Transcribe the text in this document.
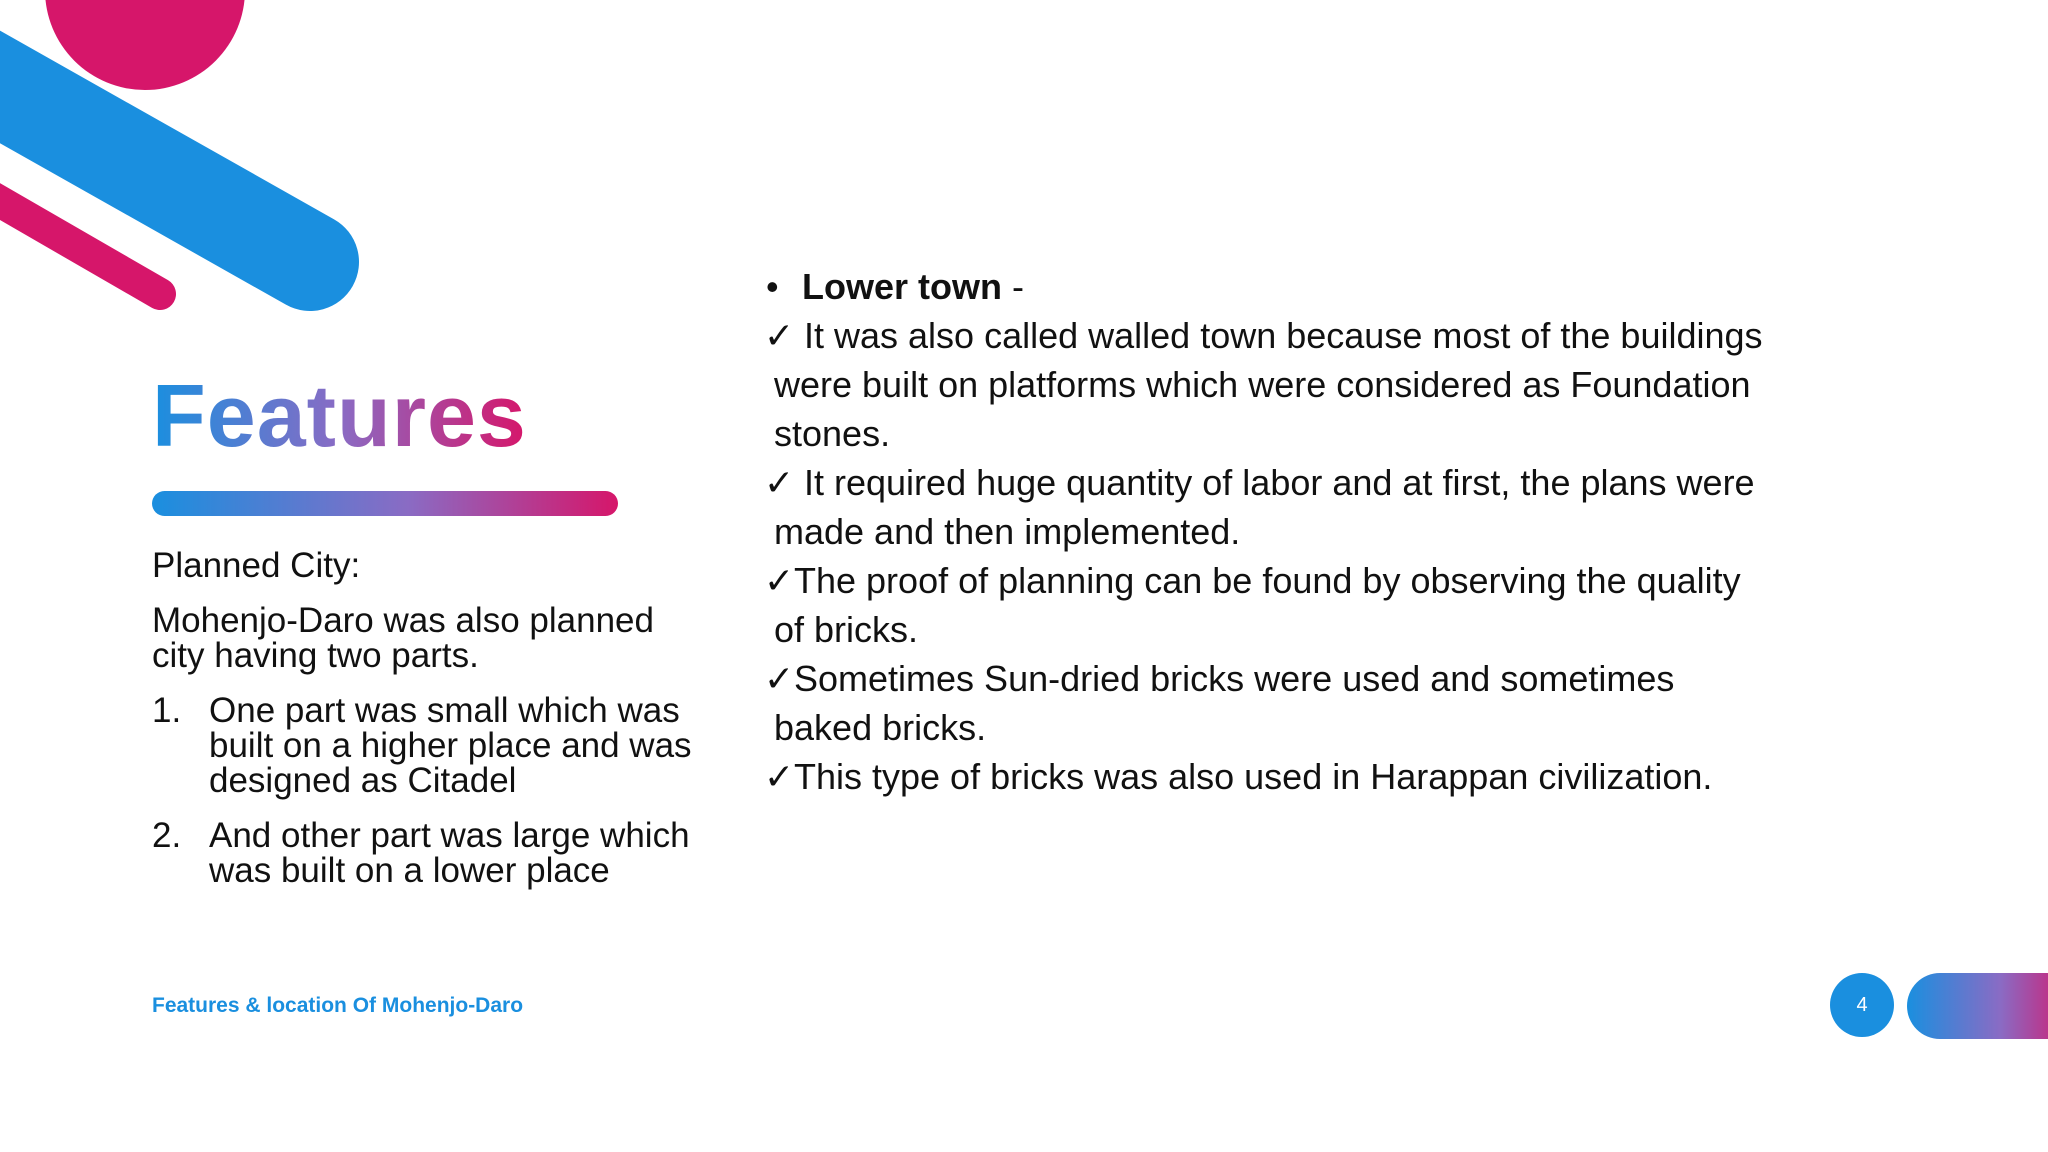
Features

Planned City:

Mohenjo-Daro was also planned city having two parts.

1. One part was small which was built on a higher place and was designed as Citadel
2. And other part was large which was built on a lower place
• Lower town -
✓ It was also called walled town because most of the buildings
were built on platforms which were considered as Foundation
stones.
✓ It required huge quantity of labor and at first, the plans were
made and then implemented.
✓ The proof of planning can be found by observing the quality
of bricks.
✓ Sometimes Sun-dried bricks were used and sometimes
baked bricks.
✓ This type of bricks was also used in Harappan civilization.
Features & location Of Mohenjo-Daro	4
